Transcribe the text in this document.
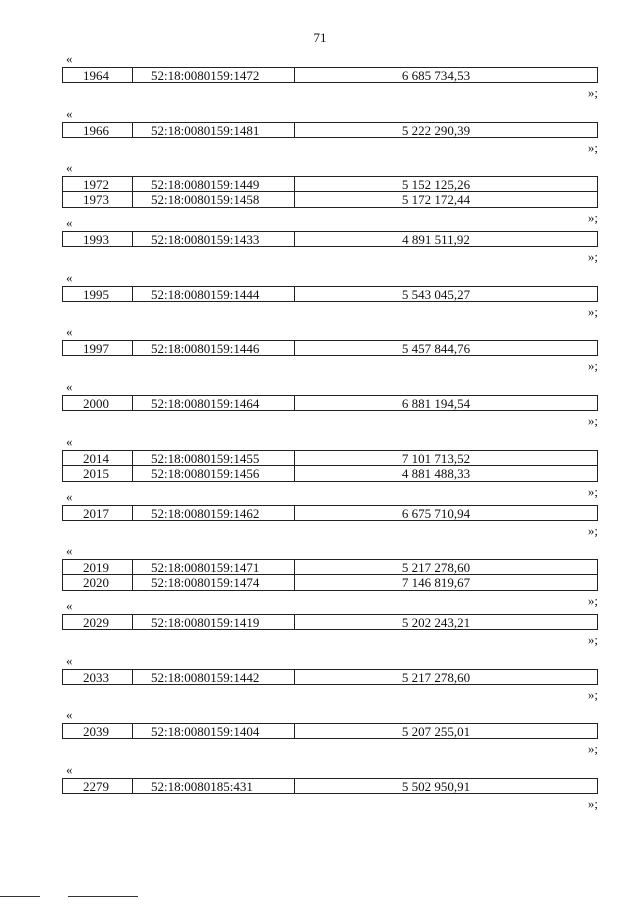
71
«
1964	52:18:0080159:1472	6 685 734,53
»;
«
1966	52:18:0080159:1481	5 222 290,39
»;
«
1972	52:18:0080159:1449	5 152 125,26
1973	52:18:0080159:1458	5 172 172,44
»;
«
1993	52:18:0080159:1433	4 891 511,92
»;
«
1995	52:18:0080159:1444	5 543 045,27
»;
«
1997	52:18:0080159:1446	5 457 844,76
»;
«
2000	52:18:0080159:1464	6 881 194,54
»;
«
2014	52:18:0080159:1455	7 101 713,52
2015	52:18:0080159:1456	4 881 488,33
»;
«
2017	52:18:0080159:1462	6 675 710,94
»;
«
2019	52:18:0080159:1471	5 217 278,60
2020	52:18:0080159:1474	7 146 819,67
»;
«
2029	52:18:0080159:1419	5 202 243,21
»;
«
2033	52:18:0080159:1442	5 217 278,60
»;
«
2039	52:18:0080159:1404	5 207 255,01
»;
«
2279	52:18:0080185:431	5 502 950,91
»;
